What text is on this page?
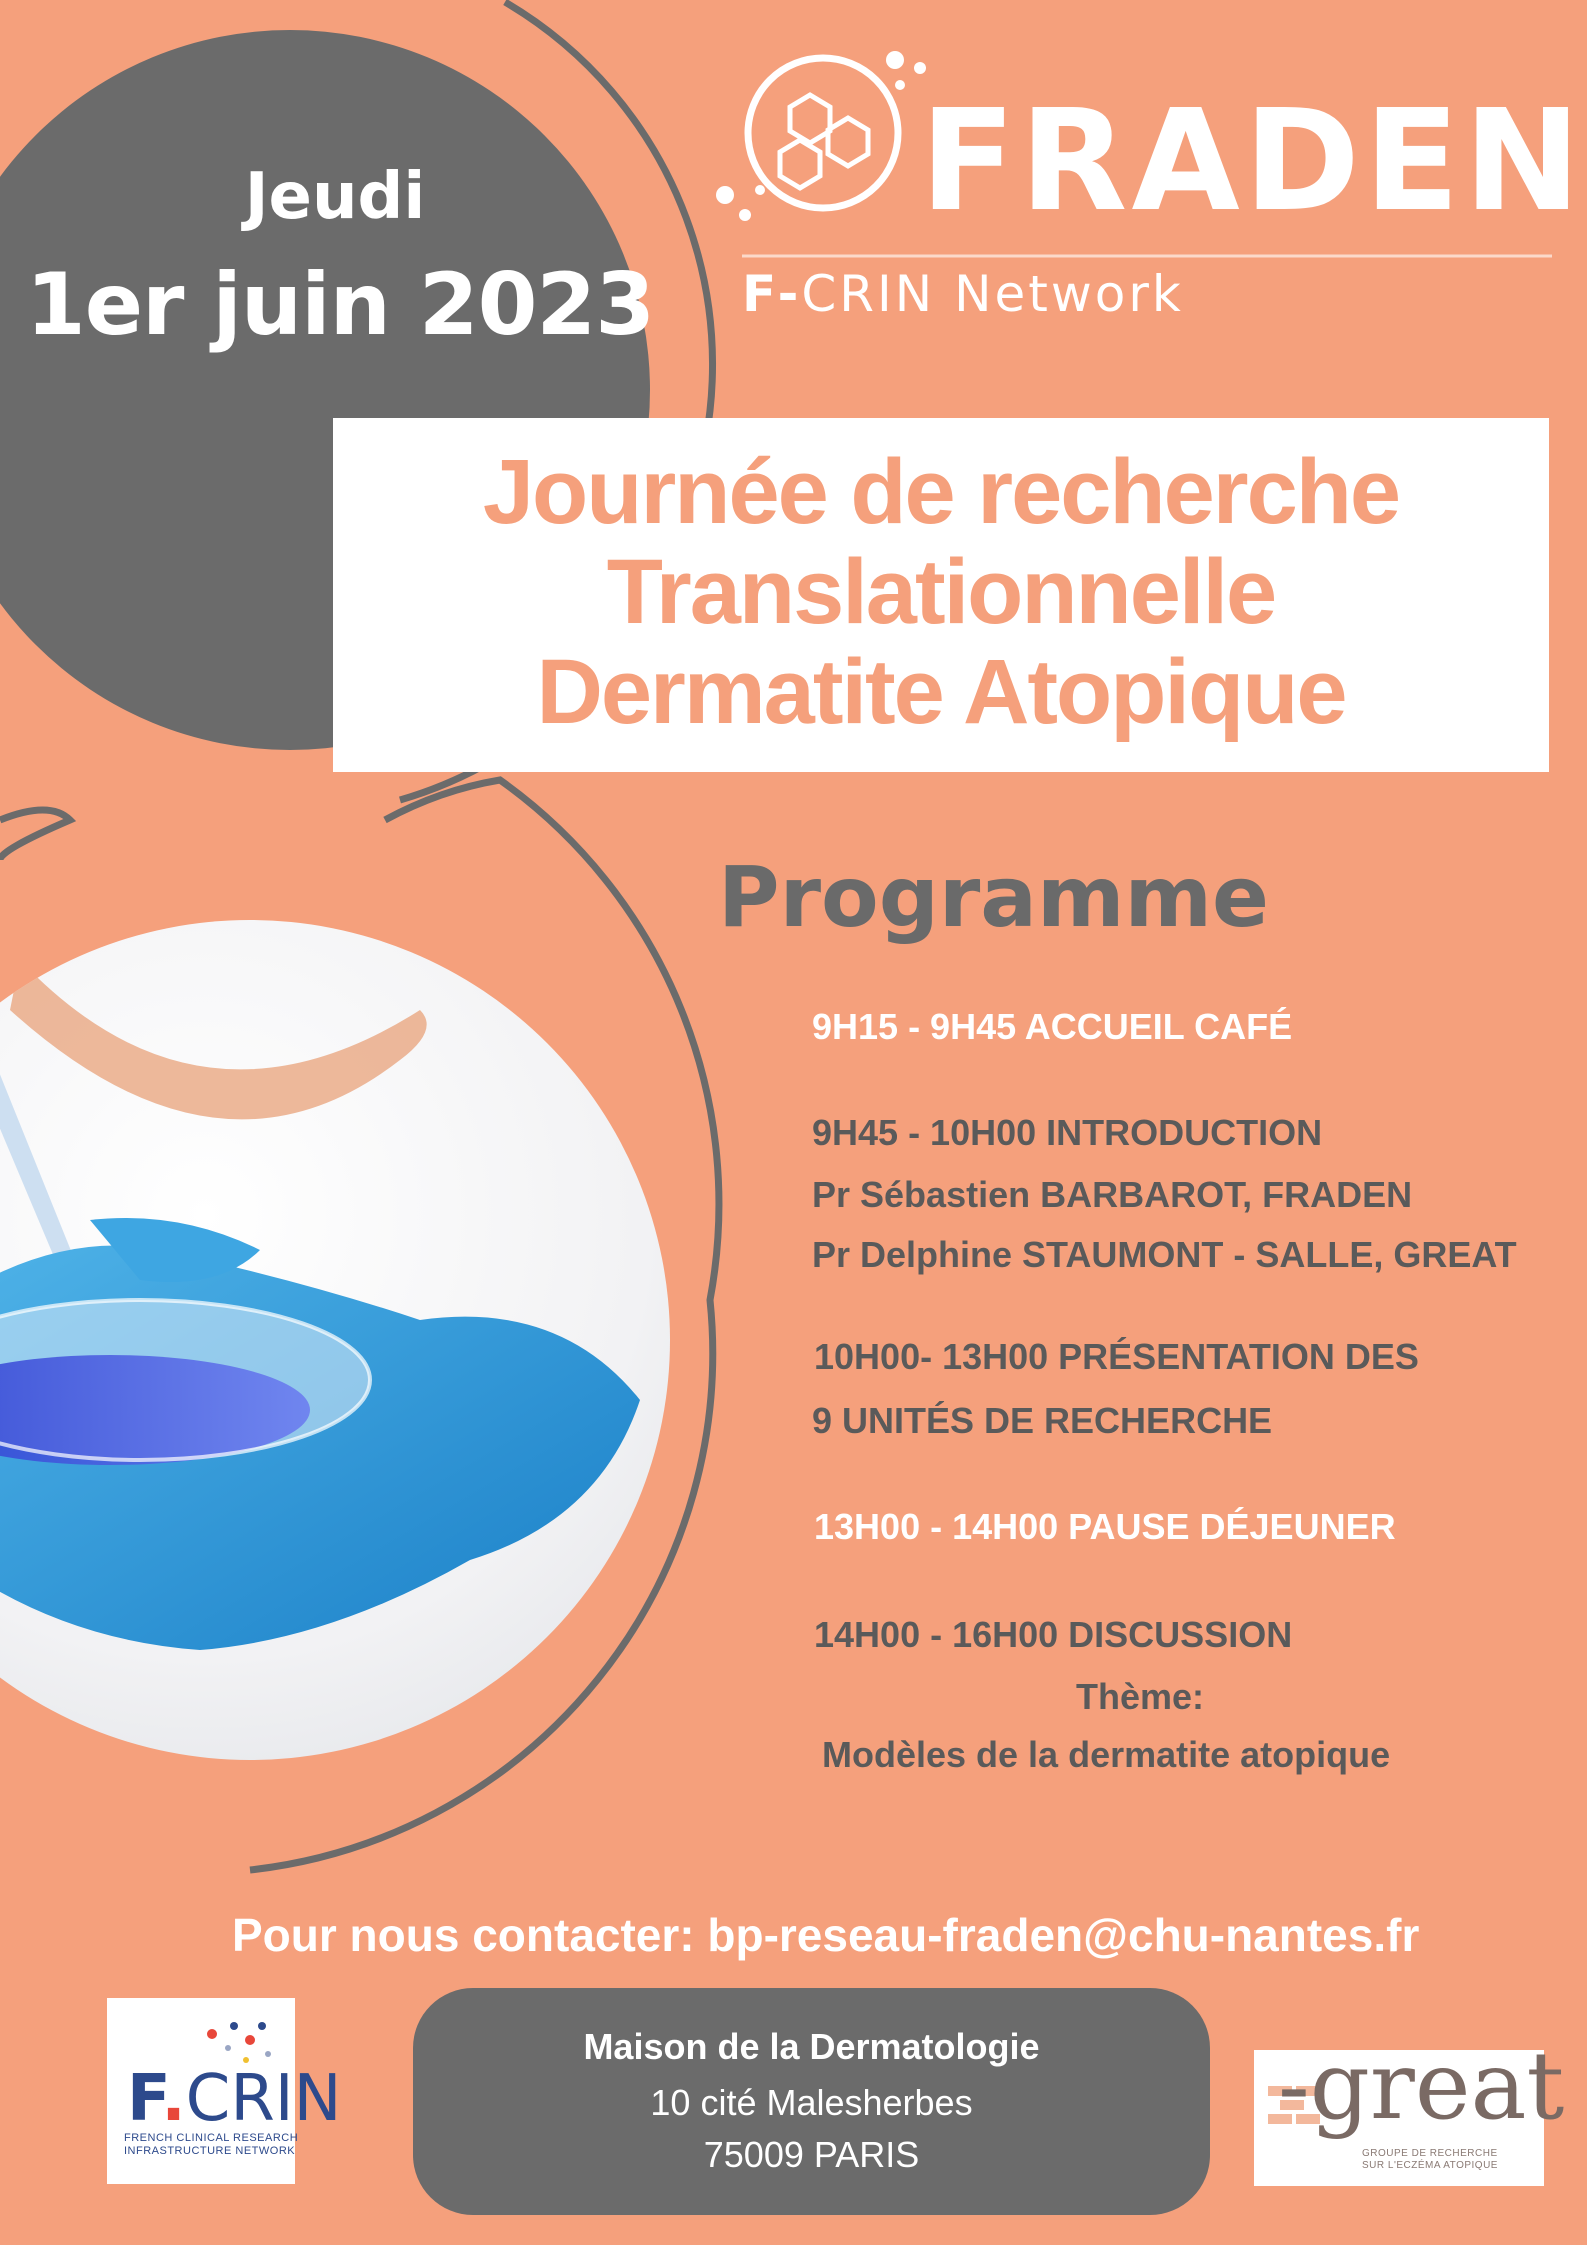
Jeudi
1er juin 2023
FRADEN
F-CRIN Network
Journée de recherche
Translationnelle
Dermatite Atopique
Programme
9H15 - 9H45 ACCUEIL CAFÉ
9H45 - 10H00 INTRODUCTION
Pr Sébastien BARBAROT, FRADEN
Pr Delphine STAUMONT - SALLE, GREAT
10H00- 13H00 PRÉSENTATION DES
9 UNITÉS DE RECHERCHE
13H00 - 14H00 PAUSE DÉJEUNER
14H00 - 16H00 DISCUSSION
Thème:
Modèles de la dermatite atopique
Pour nous contacter: bp-reseau-fraden@chu-nantes.fr
Maison de la Dermatologie
10 cité Malesherbes
75009 PARIS
F.CRIN
FRENCH CLINICAL RESEARCH
INFRASTRUCTURE NETWORK
-great
GROUPE DE RECHERCHE
SUR L'ECZÉMA ATOPIQUE
